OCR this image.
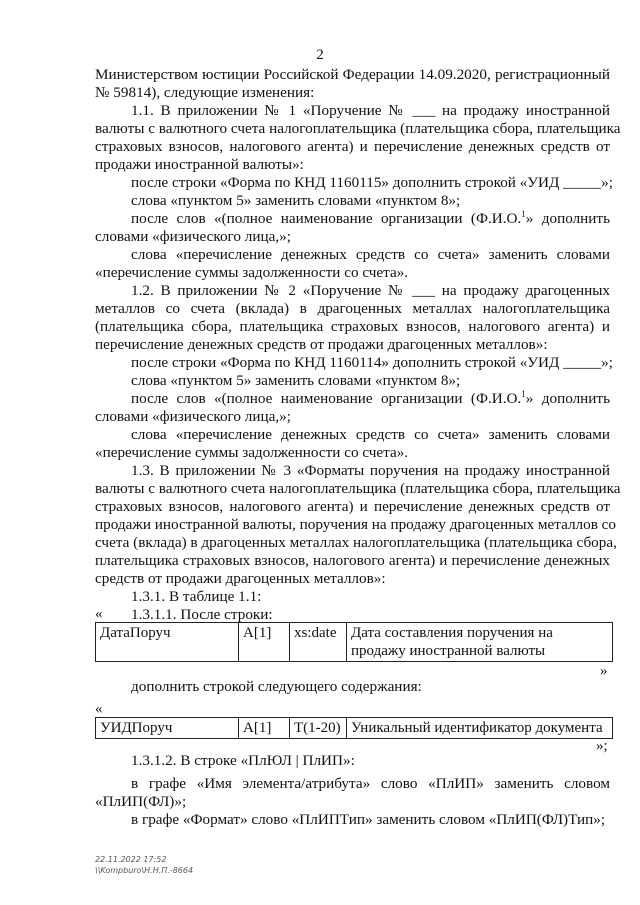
2
Министерством юстиции Российской Федерации 14.09.2020, регистрационный
№ 59814), следующие изменения:
1.1. В приложении № 1 «Поручение № ___ на продажу иностранной
валюты с валютного счета налогоплательщика (плательщика сбора, плательщика
страховых взносов, налогового агента) и перечисление денежных средств от
продажи иностранной валюты»:
после строки «Форма по КНД 1160115» дополнить строкой «УИД _____»;
слова «пунктом 5» заменить словами «пунктом 8»;
после слов «(полное наименование организации (Ф.И.О.$^1$» дополнить
словами «физического лица,»;
слова «перечисление денежных средств со счета» заменить словами
«перечисление суммы задолженности со счета».
1.2. В приложении № 2 «Поручение № ___ на продажу драгоценных
металлов со счета (вклада) в драгоценных металлах налогоплательщика
(плательщика сбора, плательщика страховых взносов, налогового агента) и
перечисление денежных средств от продажи драгоценных металлов»:
после строки «Форма по КНД 1160114» дополнить строкой «УИД _____»;
слова «пунктом 5» заменить словами «пунктом 8»;
после слов «(полное наименование организации (Ф.И.О.$^1$» дополнить
словами «физического лица,»;
слова «перечисление денежных средств со счета» заменить словами
«перечисление суммы задолженности со счета».
1.3. В приложении № 3 «Форматы поручения на продажу иностранной
валюты с валютного счета налогоплательщика (плательщика сбора, плательщика
страховых взносов, налогового агента) и перечисление денежных средств от
продажи иностранной валюты, поручения на продажу драгоценных металлов со
счета (вклада) в драгоценных металлах налогоплательщика (плательщика сбора,
плательщика страховых взносов, налогового агента) и перечисление денежных
средств от продажи драгоценных металлов»:
1.3.1. В таблице 1.1:
1.3.1.1. После строки:
«
ДатаПоруч	А[1]	xs:date	Дата составления поручения на
продажу иностранной валюты
»
дополнить строкой следующего содержания:
«
УИДПоруч	А[1]	Т(1-20)	Уникальный идентификатор документа
»;
1.3.1.2. В строке «ПлЮЛ | ПлИП»:
в графе «Имя элемента/атрибута» слово «ПлИП» заменить словом
«ПлИП(ФЛ)»;
в графе «Формат» слово «ПлИПТип» заменить словом «ПлИП(ФЛ)Тип»;
22.11.2022 17:52
\\Kompburo\Н.Н.П.-8664
